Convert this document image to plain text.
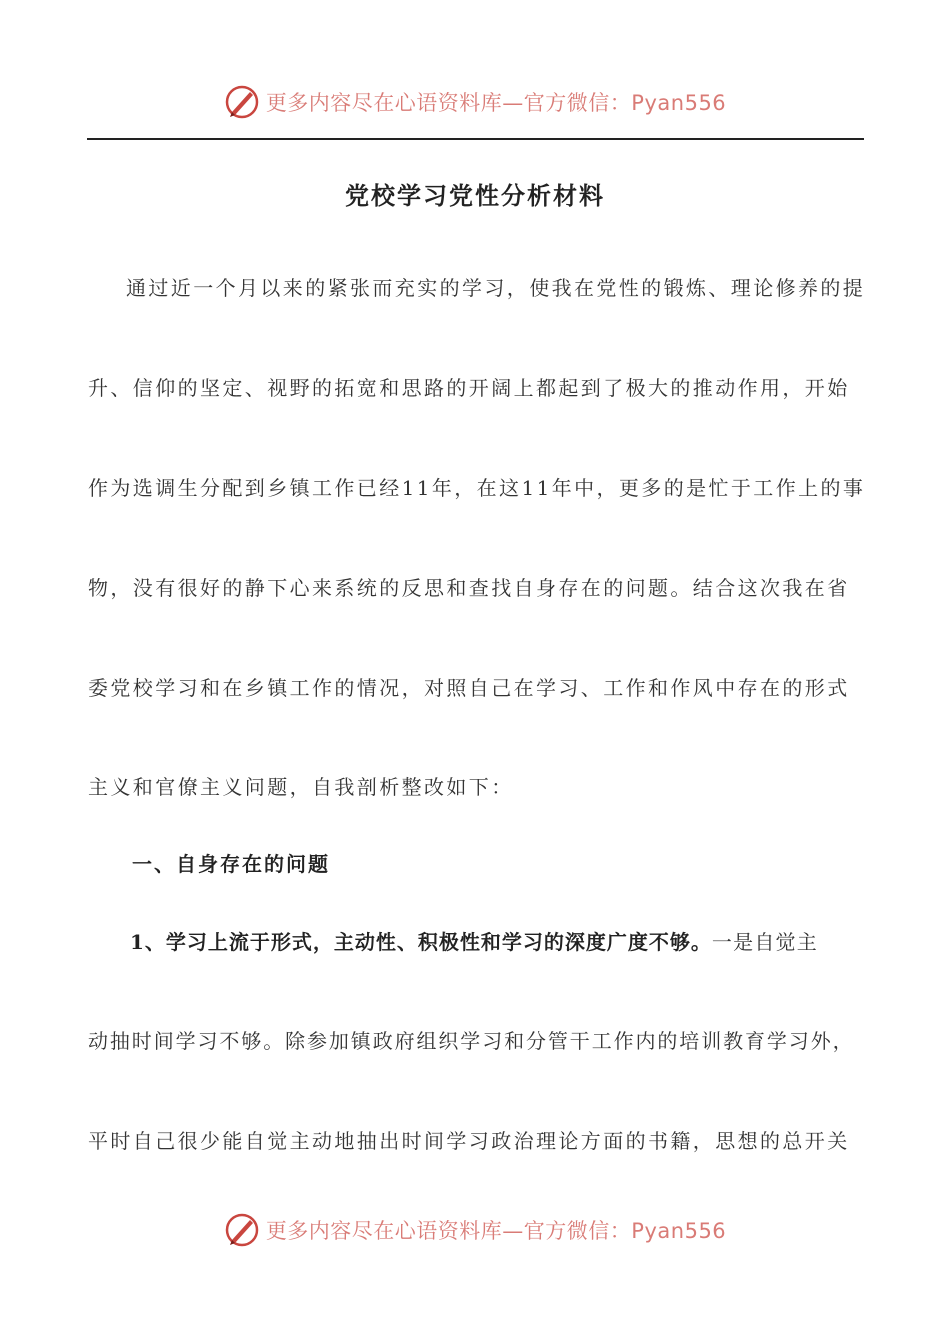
更多内容尽在心语资料库—官方微信：Pyan556
党校学习党性分析材料
通过近一个月以来的紧张而充实的学习，使我在党性的锻炼、理论修养的提
升、信仰的坚定、视野的拓宽和思路的开阔上都起到了极大的推动作用，开始
作为选调生分配到乡镇工作已经11年，在这11年中，更多的是忙于工作上的事
物，没有很好的静下心来系统的反思和查找自身存在的问题。结合这次我在省
委党校学习和在乡镇工作的情况，对照自己在学习、工作和作风中存在的形式
主义和官僚主义问题，自我剖析整改如下：
一、自身存在的问题
1、学习上流于形式，主动性、积极性和学习的深度广度不够。一是自觉主
动抽时间学习不够。除参加镇政府组织学习和分管干工作内的培训教育学习外，
平时自己很少能自觉主动地抽出时间学习政治理论方面的书籍，思想的总开关
更多内容尽在心语资料库—官方微信：Pyan556
